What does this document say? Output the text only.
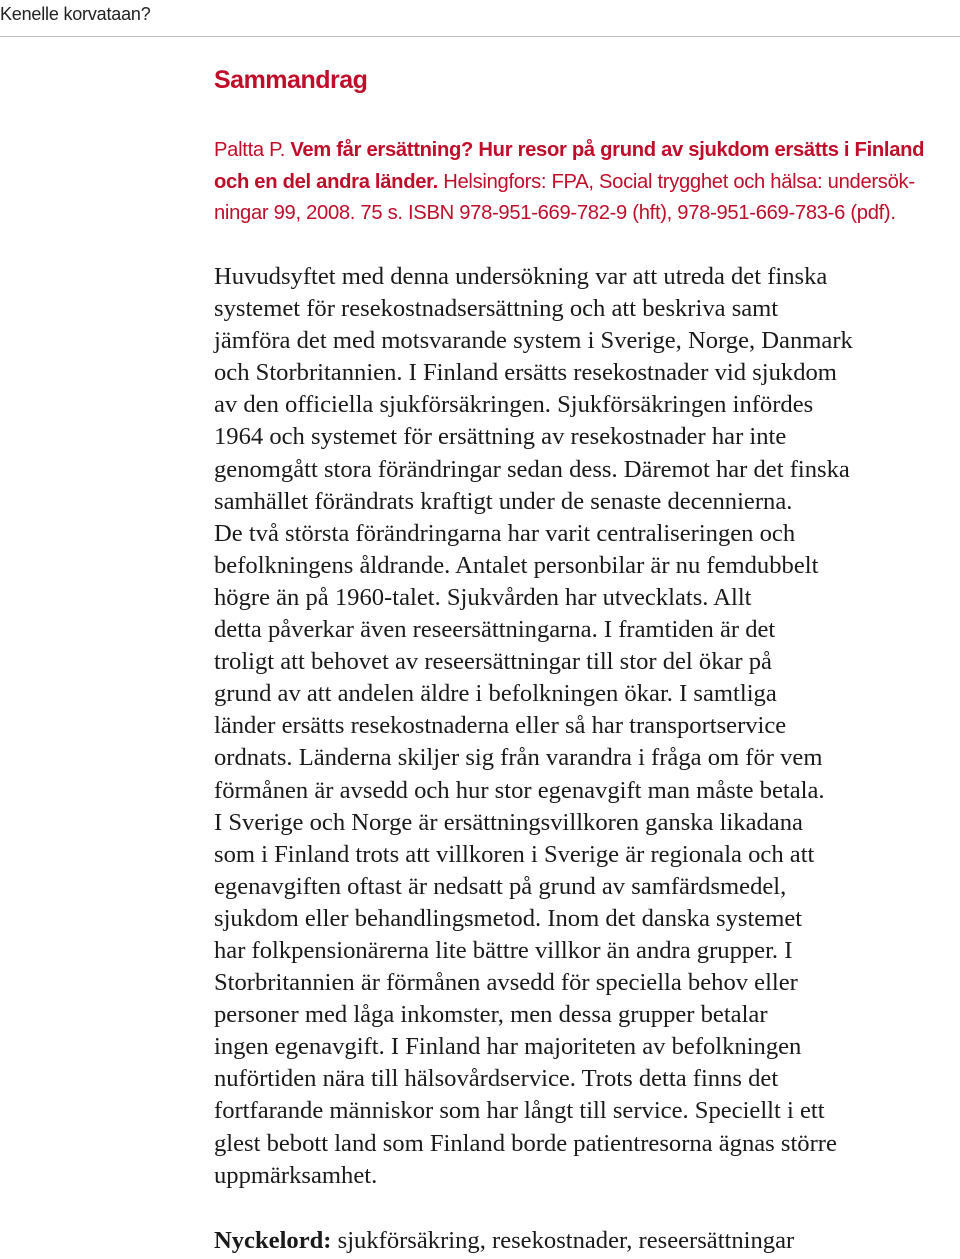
Kenelle korvataan?
Sammandrag

Paltta P. Vem får ersättning? Hur resor på grund av sjukdom ersätts i Finland och en del andra länder. Helsingfors: FPA, Social trygghet och hälsa: undersök-ningar 99, 2008. 75 s. ISBN 978-951-669-782-9 (hft), 978-951-669-783-6 (pdf).

Huvudsyftet med denna undersökning var att utreda det finska
systemet för resekostnadsersättning och att beskriva samt
jämföra det med motsvarande system i Sverige, Norge, Danmark
och Storbritannien. I Finland ersätts resekostnader vid sjukdom
av den officiella sjukförsäkringen. Sjukförsäkringen infördes
1964 och systemet för ersättning av resekostnader har inte
genomgått stora förändringar sedan dess. Däremot har det finska
samhället förändrats kraftigt under de senaste decennierna.
De två största förändringarna har varit centraliseringen och
befolkningens åldrande. Antalet personbilar är nu femdubbelt
högre än på 1960-talet. Sjukvården har utvecklats. Allt
detta påverkar även reseersättningarna. I framtiden är det
troligt att behovet av reseersättningar till stor del ökar på
grund av att andelen äldre i befolkningen ökar. I samtliga
länder ersätts resekostnaderna eller så har transportservice
ordnats. Länderna skiljer sig från varandra i fråga om för vem
förmånen är avsedd och hur stor egenavgift man måste betala.
I Sverige och Norge är ersättningsvillkoren ganska likadana
som i Finland trots att villkoren i Sverige är regionala och att
egenavgiften oftast är nedsatt på grund av samfärdsmedel,
sjukdom eller behandlingsmetod. Inom det danska systemet
har folkpensionärerna lite bättre villkor än andra grupper. I
Storbritannien är förmånen avsedd för speciella behov eller
personer med låga inkomster, men dessa grupper betalar
ingen egenavgift. I Finland har majoriteten av befolkningen
nuförtiden nära till hälsovårdservice. Trots detta finns det
fortfarande människor som har långt till service. Speciellt i ett
glest bebott land som Finland borde patientresorna ägnas större
uppmärksamhet.
Nyckelord: sjukförsäkring, resekostnader, reseersättningar
